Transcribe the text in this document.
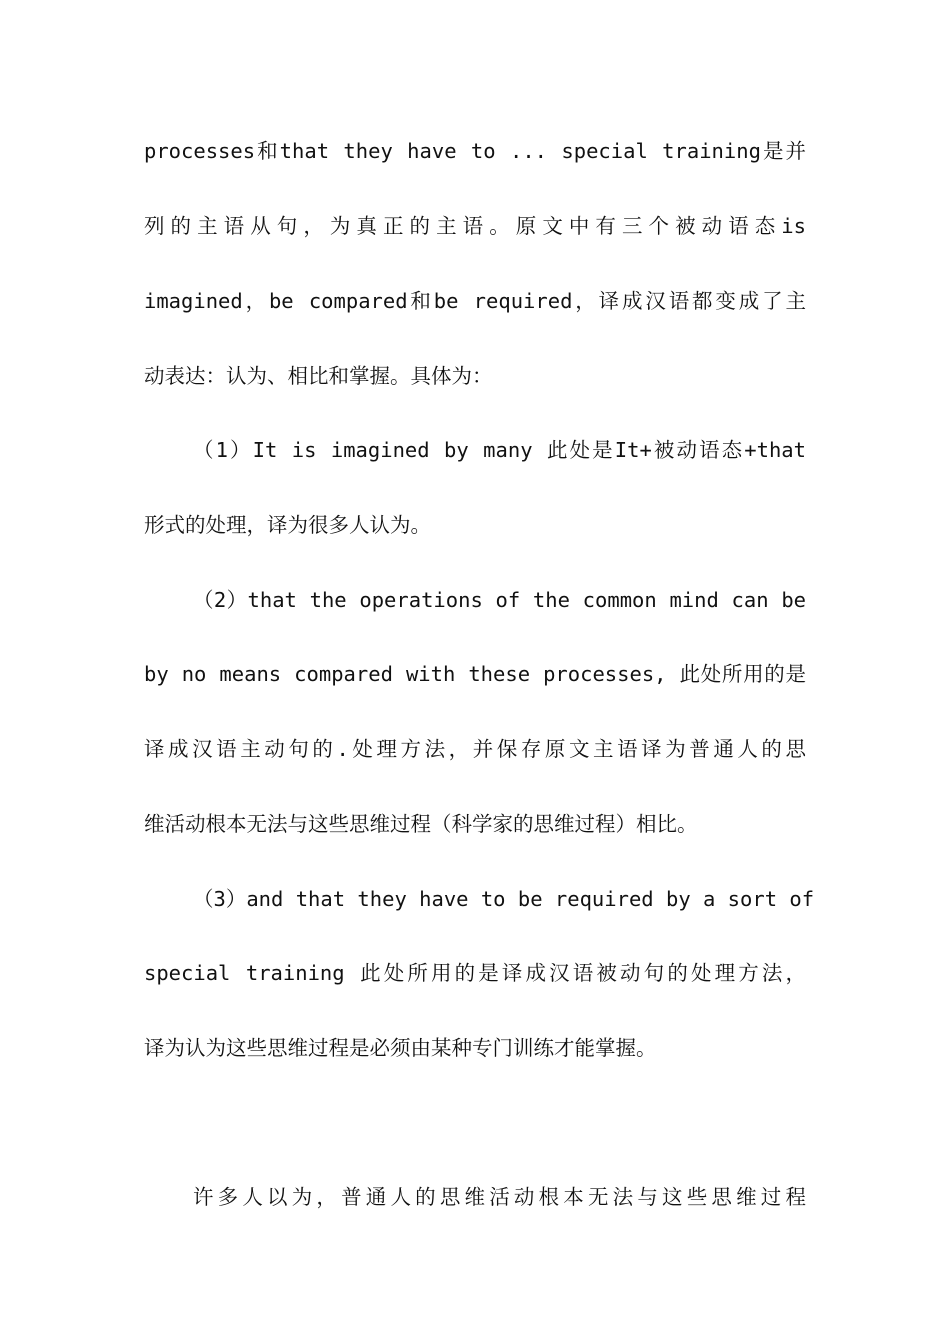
processes和that they have to ... special training是并
列的主语从句，为真正的主语。原文中有三个被动语态is
imagined，be compared和be required，译成汉语都变成了主
动表达：认为、相比和掌握。具体为：
（1）It is imagined by many 此处是It+被动语态+that
形式的处理，译为很多人认为。
（2）that the operations of the common mind can be
by no means compared with these processes, 此处所用的是
译成汉语主动句的.处理方法，并保存原文主语译为普通人的思
维活动根本无法与这些思维过程（科学家的思维过程）相比。
（3）and that they have to be required by a sort of
special training 此处所用的是译成汉语被动句的处理方法，
译为认为这些思维过程是必须由某种专门训练才能掌握。
许多人以为，普通人的思维活动根本无法与这些思维过程
